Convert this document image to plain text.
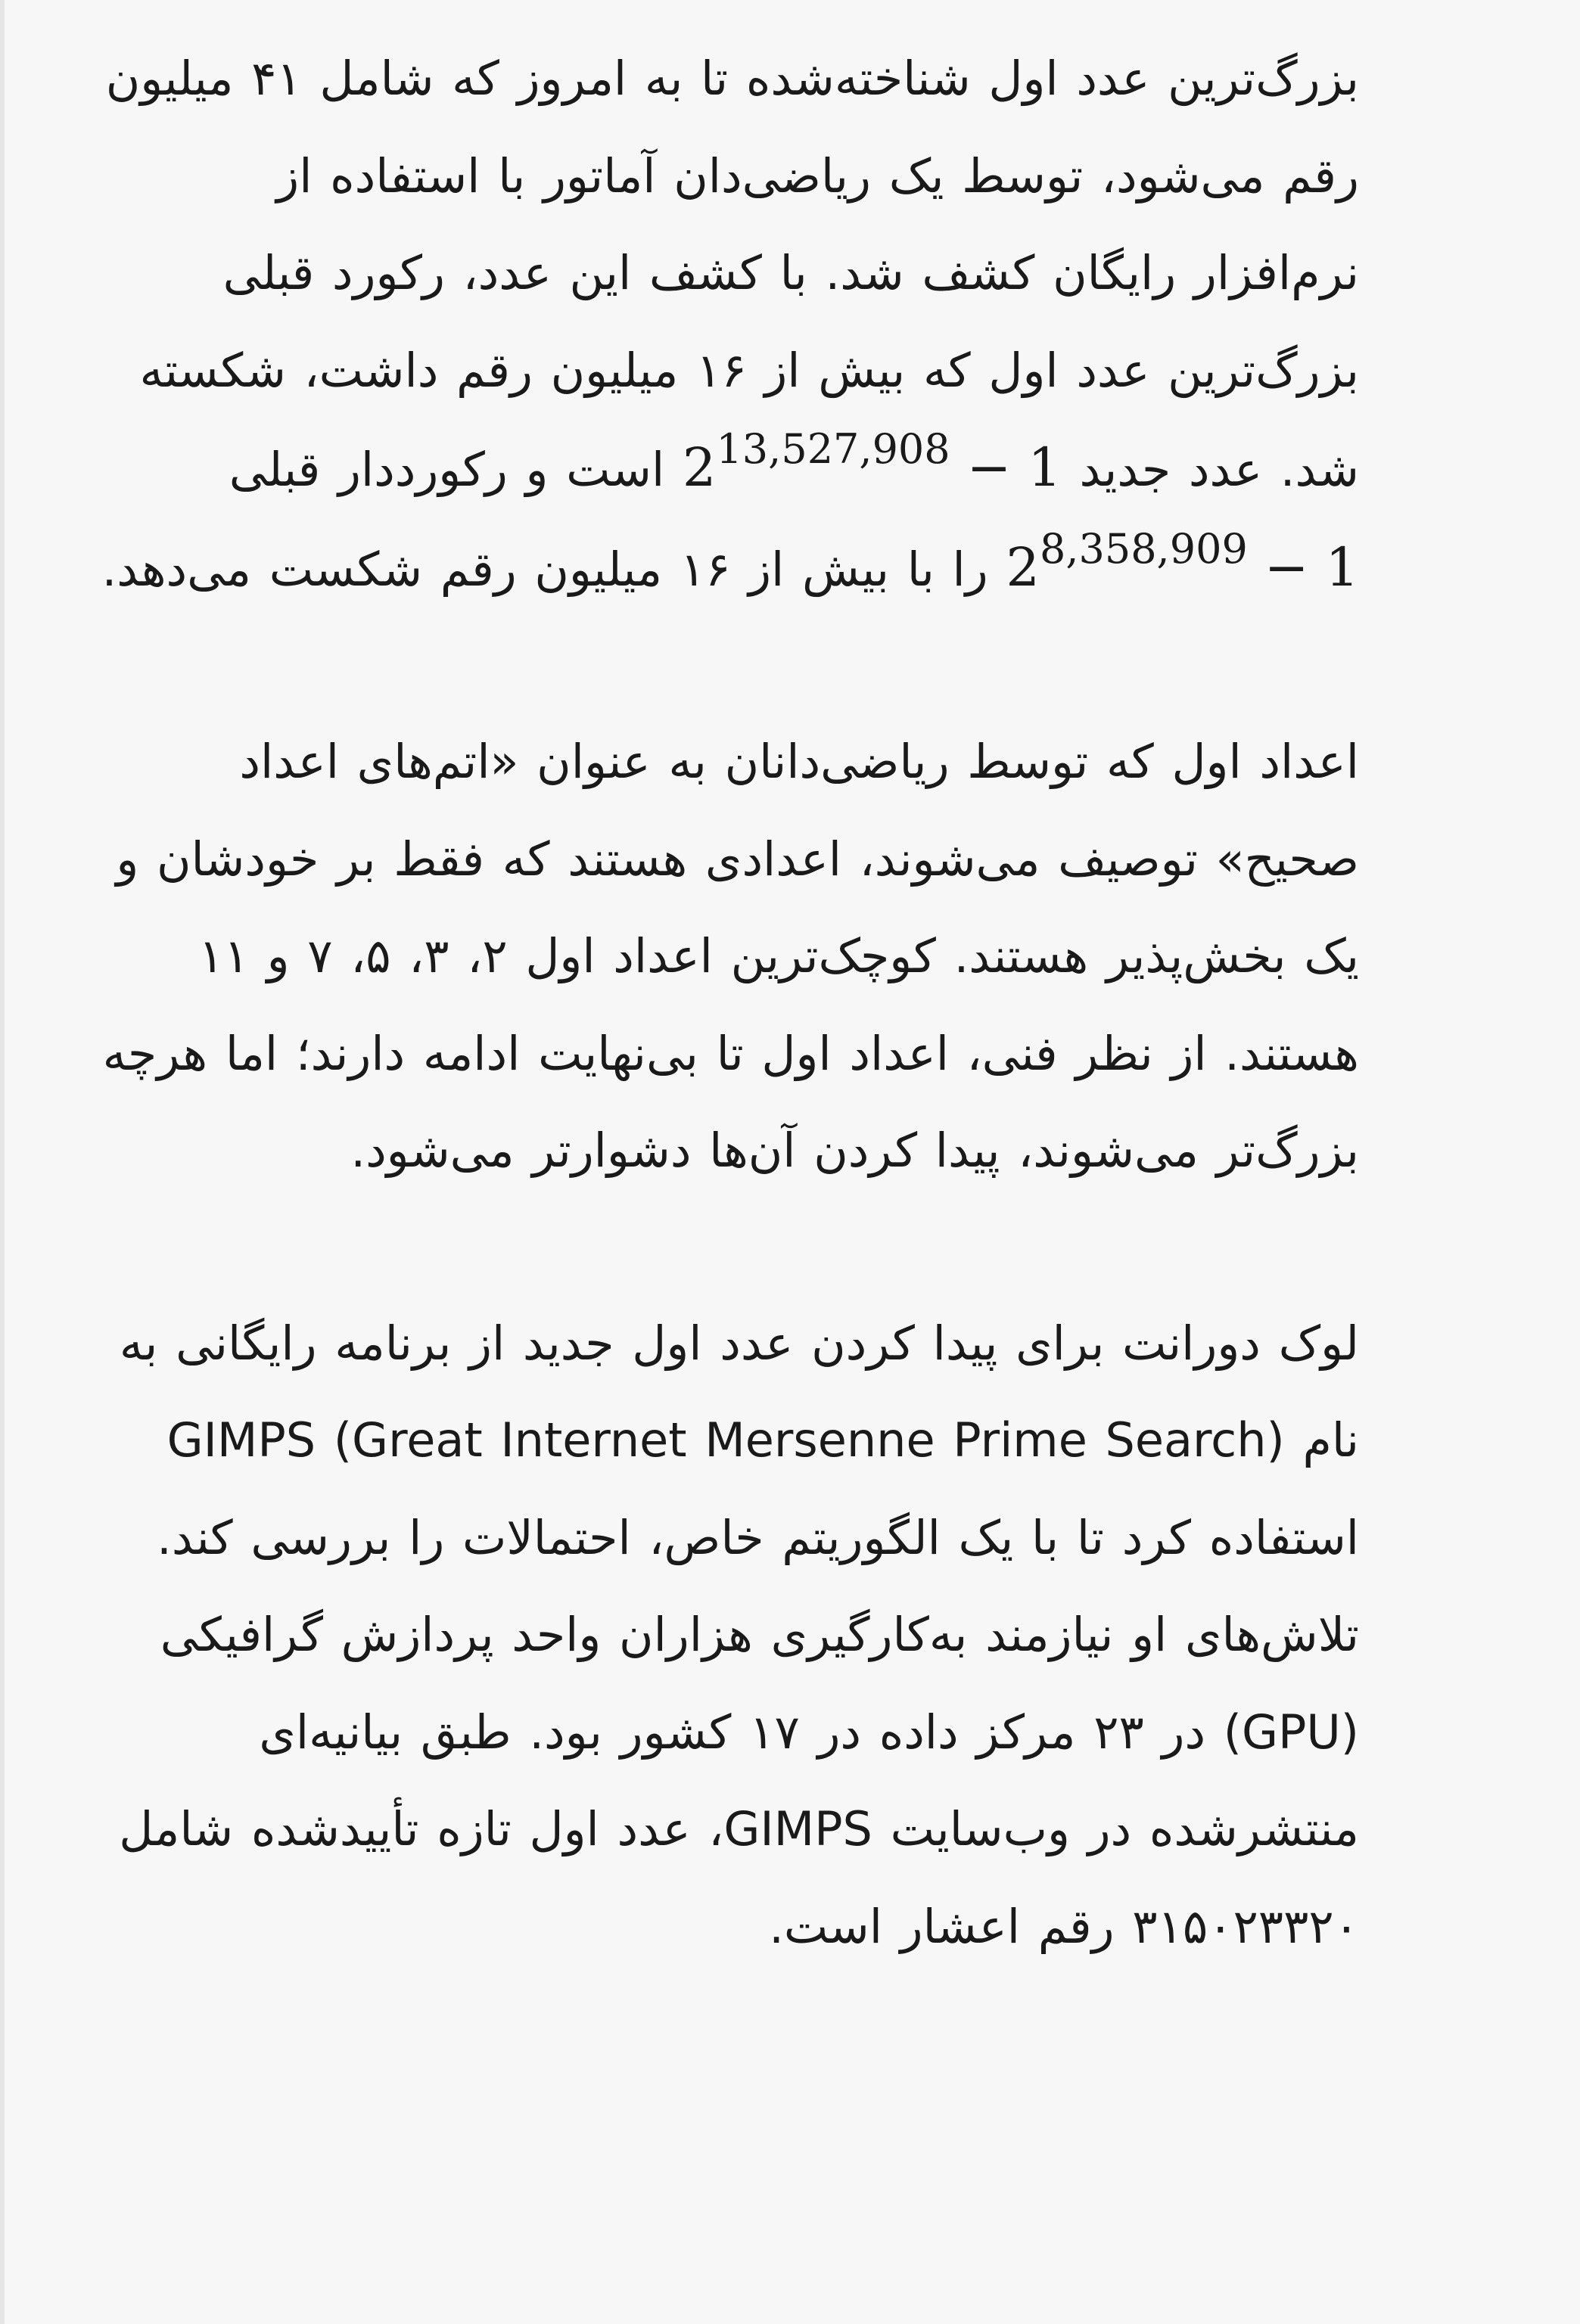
بزرگ‌ترین عدد اول شناخته‌شده تا به امروز که شامل ۴۱ میلیون رقم می‌شود، توسط یک ریاضی‌دان آماتور با استفاده از نرم‌افزار رایگان کشف شد. با کشف این عدد، رکورد قبلی بزرگ‌ترین عدد اول که بیش از ۱۶ میلیون رقم داشت، شکسته شد. عدد جدید $2^{13,527,908} - 1$ است و رکورددار قبلی $2^{8,358,909} - 1$ را با بیش از ۱۶ میلیون رقم شکست می‌دهد.

اعداد اول که توسط ریاضی‌دانان به عنوان «اتم‌های اعداد صحیح» توصیف می‌شوند، اعدادی هستند که فقط بر خودشان و یک بخش‌پذیر هستند. کوچک‌ترین اعداد اول ۲، ۳، ۵، ۷ و ۱۱ هستند. از نظر فنی، اعداد اول تا بی‌نهایت ادامه دارند؛ اما هرچه بزرگ‌تر می‌شوند، پیدا کردن آن‌ها دشوارتر می‌شود.

لوک دورانت برای پیدا کردن عدد اول جدید از برنامه رایگانی به نام GIMPS (Great Internet Mersenne Prime Search) استفاده کرد تا با یک الگوریتم خاص، احتمالات را بررسی کند. تلاش‌های او نیازمند به‌کارگیری هزاران واحد پردازش گرافیکی (GPU) در ۲۳ مرکز داده در ۱۷ کشور بود. طبق بیانیه‌ای منتشرشده در وب‌سایت GIMPS، عدد اول تازه تأییدشده شامل ۳۱۵۰۲۳۳۲۰ رقم اعشار است.
